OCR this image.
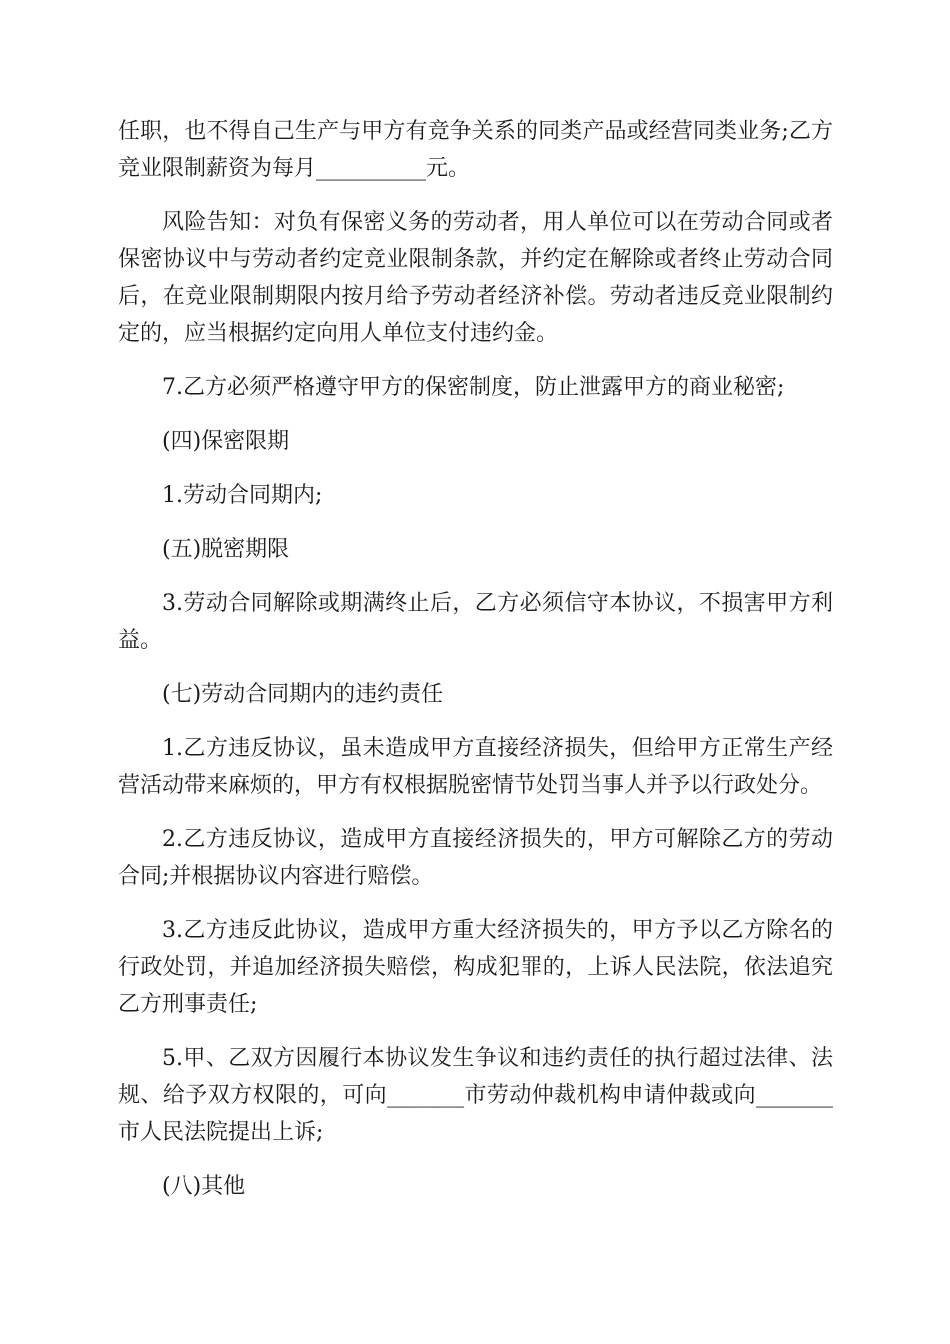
任职，也不得自己生产与甲方有竞争关系的同类产品或经营同类业务;乙方竞业限制薪资为每月__________元。

风险告知：对负有保密义务的劳动者，用人单位可以在劳动合同或者保密协议中与劳动者约定竞业限制条款，并约定在解除或者终止劳动合同后，在竞业限制期限内按月给予劳动者经济补偿。劳动者违反竞业限制约定的，应当根据约定向用人单位支付违约金。

7.乙方必须严格遵守甲方的保密制度，防止泄露甲方的商业秘密;

(四)保密限期

1.劳动合同期内;

(五)脱密期限

3.劳动合同解除或期满终止后，乙方必须信守本协议，不损害甲方利益。

(七)劳动合同期内的违约责任

1.乙方违反协议，虽未造成甲方直接经济损失，但给甲方正常生产经营活动带来麻烦的，甲方有权根据脱密情节处罚当事人并予以行政处分。

2.乙方违反协议，造成甲方直接经济损失的，甲方可解除乙方的劳动合同;并根据协议内容进行赔偿。

3.乙方违反此协议，造成甲方重大经济损失的，甲方予以乙方除名的行政处罚，并追加经济损失赔偿，构成犯罪的，上诉人民法院，依法追究乙方刑事责任;

5.甲、乙双方因履行本协议发生争议和违约责任的执行超过法律、法规、给予双方权限的，可向_______市劳动仲裁机构申请仲裁或向_______市人民法院提出上诉;

(八)其他
